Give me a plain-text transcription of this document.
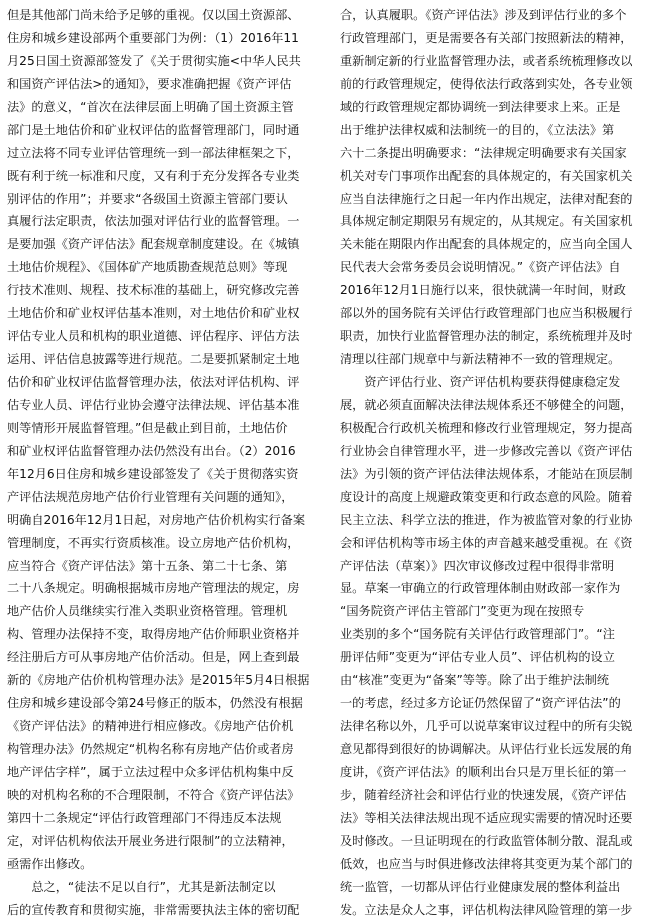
但是其他部门尚未给予足够的重视。仅以国土资源部、
住房和城乡建设部两个重要部门为例：（1）2016年11
月25日国土资源部签发了《关于贯彻实施<中华人民共
和国资产评估法>的通知》，要求准确把握《资产评估
法》的意义，“首次在法律层面上明确了国土资源主管
部门是土地估价和矿业权评估的监督管理部门，同时通
过立法将不同专业评估管理统一到一部法律框架之下，
既有利于统一标准和尺度，又有利于充分发挥各专业类
别评估的作用”；并要求“各级国土资源主管部门要认
真履行法定职责，依法加强对评估行业的监督管理。一
是要加强《资产评估法》配套规章制度建设。在《城镇
土地估价规程》、《国体矿产地质勘查规范总则》等现
行技术准则、规程、技术标准的基础上，研究修改完善
土地估价和矿业权评估基本准则，对土地估价和矿业权
评估专业人员和机构的职业道德、评估程序、评估方法
运用、评估信息披露等进行规范。二是要抓紧制定土地
估价和矿业权评估监督管理办法，依法对评估机构、评
估专业人员、评估行业协会遵守法律法规、评估基本准
则等情形开展监督管理。”但是截止到目前，土地估价
和矿业权评估监督管理办法仍然没有出台。（2）2016
年12月6日住房和城乡建设部签发了《关于贯彻落实资
产评估法规范房地产估价行业管理有关问题的通知》，
明确自2016年12月1日起，对房地产估价机构实行备案
管理制度，不再实行资质核准。设立房地产估价机构，
应当符合《资产评估法》第十五条、第二十七条、第
二十八条规定。明确根据城市房地产管理法的规定，房
地产估价人员继续实行准入类职业资格管理。管理机
构、管理办法保持不变，取得房地产估价师职业资格并
经注册后方可从事房地产估价活动。但是，网上查到最
新的《房地产估价机构管理办法》是2015年5月4日根据
住房和城乡建设部令第24号修正的版本，仍然没有根据
《资产评估法》的精神进行相应修改。《房地产估价机
构管理办法》仍然规定“机构名称有房地产估价或者房
地产评估字样”，属于立法过程中众多评估机构集中反
映的对机构名称的不合理限制，不符合《资产评估法》
第四十二条规定“评估行政管理部门不得违反本法规
定，对评估机构依法开展业务进行限制”的立法精神，
亟需作出修改。
　　总之，“徒法不足以自行”，尤其是新法制定以
后的宣传教育和贯彻实施，非常需要执法主体的密切配
合，认真履职。《资产评估法》涉及到评估行业的多个
行政管理部门，更是需要各有关部门按照新法的精神，
重新制定新的行业监督管理办法，或者系统梳理修改以
前的行政管理规定，使得依法行政落到实处，各专业领
域的行政管理规定都协调统一到法律要求上来。正是
出于维护法律权威和法制统一的目的，《立法法》第
六十二条提出明确要求：“法律规定明确要求有关国家
机关对专门事项作出配套的具体规定的，有关国家机关
应当自法律施行之日起一年内作出规定，法律对配套的
具体规定制定期限另有规定的，从其规定。有关国家机
关未能在期限内作出配套的具体规定的，应当向全国人
民代表大会常务委员会说明情况。”《资产评估法》自
2016年12月1日施行以来，很快就满一年时间，财政
部以外的国务院有关评估行政管理部门也应当积极履行
职责，加快行业监督管理办法的制定，系统梳理并及时
清理以往部门规章中与新法精神不一致的管理规定。
　　资产评估行业、资产评估机构要获得健康稳定发
展，就必须直面解决法律法规体系还不够健全的问题，
积极配合行政机关梳理和修改行业管理规定，努力提高
行业协会自律管理水平，进一步修改完善以《资产评估
法》为引领的资产评估法律法规体系，才能站在顶层制
度设计的高度上规避政策变更和行政态意的风险。随着
民主立法、科学立法的推进，作为被监管对象的行业协
会和评估机构等市场主体的声音越来越受重视。在《资
产评估法（草案）》四次审议修改过程中很得非常明
显。草案一审确立的行政管理体制由财政部一家作为
“国务院资产评估主管部门”变更为现在按照专
业类别的多个“国务院有关评估行政管理部门”。“注
册评估师”变更为“评估专业人员”、评估机构的设立
由“核准”变更为“备案”等等。除了出于维护法制统
一的考虑，经过多方论证仍然保留了“资产评估法”的
法律名称以外，几乎可以说草案审议过程中的所有尖锐
意见都得到很好的协调解决。从评估行业长远发展的角
度讲，《资产评估法》的顺利出台只是万里长征的第一
步，随着经济社会和评估行业的快速发展，《资产评估
法》等相关法律法规出现不适应现实需要的情况时还要
及时修改。一旦证明现在的行政监管体制分散、混乱或
低效，也应当与时俱进修改法律将其变更为某个部门的
统一监管，一切都从评估行业健康发展的整体利益出
发。立法是众人之事，评估机构法律风险管理的第一步
